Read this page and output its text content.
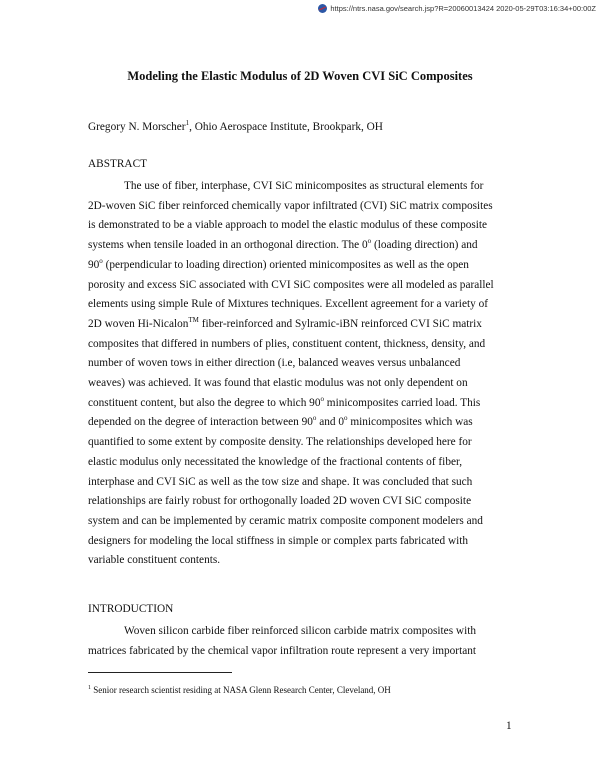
https://ntrs.nasa.gov/search.jsp?R=20060013424 2020-05-29T03:16:34+00:00Z
Modeling the Elastic Modulus of 2D Woven CVI SiC Composites
Gregory N. Morscher$^1$, Ohio Aerospace Institute, Brookpark, OH
ABSTRACT
The use of fiber, interphase, CVI SiC minicomposites as structural elements for
2D-woven SiC fiber reinforced chemically vapor infiltrated (CVI) SiC matrix composites
is demonstrated to be a viable approach to model the elastic modulus of these composite
systems when tensile loaded in an orthogonal direction. The 0$^o$ (loading direction) and
90$^o$ (perpendicular to loading direction) oriented minicomposites as well as the open
porosity and excess SiC associated with CVI SiC composites were all modeled as parallel
elements using simple Rule of Mixtures techniques. Excellent agreement for a variety of
2D woven Hi-Nicalon™ fiber-reinforced and Sylramic-iBN reinforced CVI SiC matrix
composites that differed in numbers of plies, constituent content, thickness, density, and
number of woven tows in either direction (i.e, balanced weaves versus unbalanced
weaves) was achieved. It was found that elastic modulus was not only dependent on
constituent content, but also the degree to which 90$^o$ minicomposites carried load. This
depended on the degree of interaction between 90$^o$ and 0$^o$ minicomposites which was
quantified to some extent by composite density. The relationships developed here for
elastic modulus only necessitated the knowledge of the fractional contents of fiber,
interphase and CVI SiC as well as the tow size and shape. It was concluded that such
relationships are fairly robust for orthogonally loaded 2D woven CVI SiC composite
system and can be implemented by ceramic matrix composite component modelers and
designers for modeling the local stiffness in simple or complex parts fabricated with
variable constituent contents.
INTRODUCTION
Woven silicon carbide fiber reinforced silicon carbide matrix composites with
matrices fabricated by the chemical vapor infiltration route represent a very important
$^1$ Senior research scientist residing at NASA Glenn Research Center, Cleveland, OH
1
